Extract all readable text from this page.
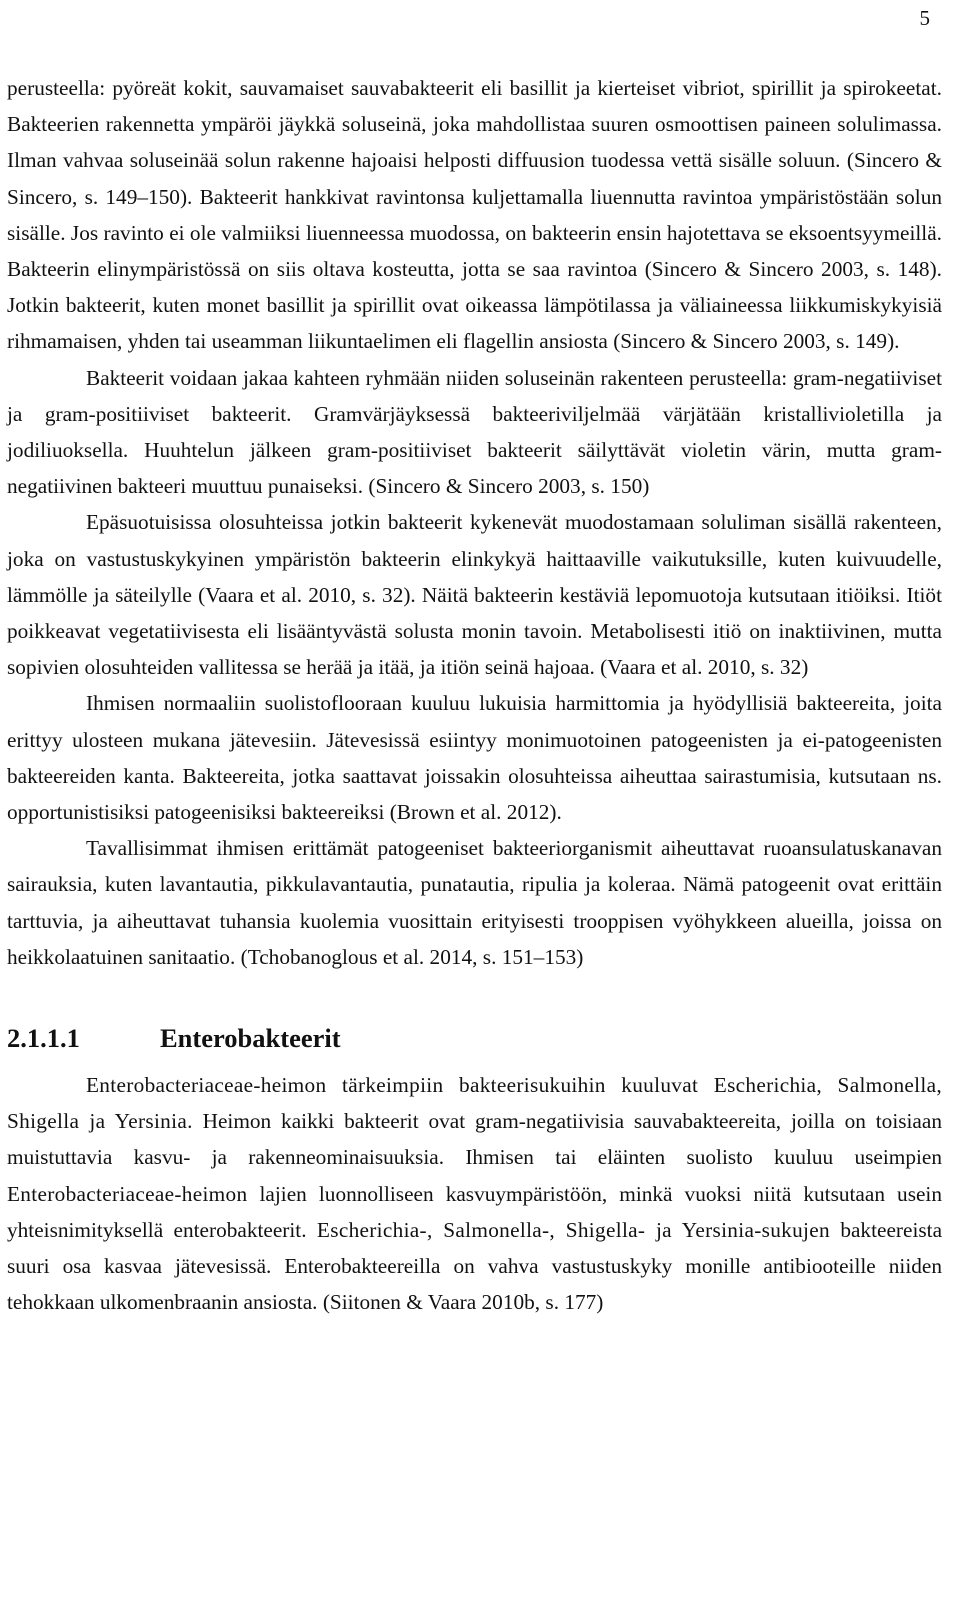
5

perusteella: pyöreät kokit, sauvamaiset sauvabakteerit eli basillit ja kierteiset vibriot, spirillit ja spirokeetat. Bakteerien rakennetta ympäröi jäykkä soluseinä, joka mahdollistaa suuren osmoottisen paineen solulimassa. Ilman vahvaa soluseinää solun rakenne hajoaisi helposti diffuusion tuodessa vettä sisälle soluun. (Sincero & Sincero, s. 149–150). Bakteerit hankkivat ravintonsa kuljettamalla liuennutta ravintoa ympäristöstään solun sisälle. Jos ravinto ei ole valmiiksi liuenneessa muodossa, on bakteerin ensin hajotettava se eksoentsyymeillä. Bakteerin elinympäristössä on siis oltava kosteutta, jotta se saa ravintoa (Sincero & Sincero 2003, s. 148). Jotkin bakteerit, kuten monet basillit ja spirillit ovat oikeassa lämpötilassa ja väliaineessa liikkumiskykyisiä rihmamaisen, yhden tai useamman liikuntaelimen eli flagellin ansiosta (Sincero & Sincero 2003, s. 149).

Bakteerit voidaan jakaa kahteen ryhmään niiden soluseinän rakenteen perusteella: gram-negatiiviset ja gram-positiiviset bakteerit. Gramvärjäyksessä bakteeriviljelmää värjätään kristallivioletilla ja jodiliuoksella. Huuhtelun jälkeen gram-positiiviset bakteerit säilyttävät violetin värin, mutta gram-negatiivinen bakteeri muuttuu punaiseksi. (Sincero & Sincero 2003, s. 150)

Epäsuotuisissa olosuhteissa jotkin bakteerit kykenevät muodostamaan soluliman sisällä rakenteen, joka on vastustuskykyinen ympäristön bakteerin elinkykyä haittaaville vaikutuksille, kuten kuivuudelle, lämmölle ja säteilylle (Vaara et al. 2010, s. 32). Näitä bakteerin kestäviä lepomuotoja kutsutaan itiöiksi. Itiöt poikkeavat vegetatiivisesta eli lisääntyvästä solusta monin tavoin. Metabolisesti itiö on inaktiivinen, mutta sopivien olosuhteiden vallitessa se herää ja itää, ja itiön seinä hajoaa. (Vaara et al. 2010, s. 32)

Ihmisen normaaliin suolistoflooraan kuuluu lukuisia harmittomia ja hyödyllisiä bakteereita, joita erittyy ulosteen mukana jätevesiin. Jätevesissä esiintyy monimuotoinen patogeenisten ja ei-patogeenisten bakteereiden kanta. Bakteereita, jotka saattavat joissakin olosuhteissa aiheuttaa sairastumisia, kutsutaan ns. opportunistisiksi patogeenisiksi bakteereiksi (Brown et al. 2012).

Tavallisimmat ihmisen erittämät patogeeniset bakteeriorganismit aiheuttavat ruoansulatuskanavan sairauksia, kuten lavantautia, pikkulavantautia, punatautia, ripulia ja koleraa. Nämä patogeenit ovat erittäin tarttuvia, ja aiheuttavat tuhansia kuolemia vuosittain erityisesti trooppisen vyöhykkeen alueilla, joissa on heikkolaatuinen sanitaatio. (Tchobanoglous et al. 2014, s. 151–153)

2.1.1.1	Enterobakteerit

Enterobacteriaceae-heimon tärkeimpiin bakteerisukuihin kuuluvat Escherichia, Salmonella, Shigella ja Yersinia. Heimon kaikki bakteerit ovat gram-negatiivisia sauvabakteereita, joilla on toisiaan muistuttavia kasvu- ja rakenneominaisuuksia. Ihmisen tai eläinten suolisto kuuluu useimpien Enterobacteriaceae-heimon lajien luonnolliseen kasvuympäristöön, minkä vuoksi niitä kutsutaan usein yhteisnimityksellä enterobakteerit. Escherichia-, Salmonella-, Shigella- ja Yersinia-sukujen bakteereista suuri osa kasvaa jätevesissä. Enterobakteereilla on vahva vastustuskyky monille antibiooteille niiden tehokkaan ulkomenbraanin ansiosta. (Siitonen & Vaara 2010b, s. 177)
